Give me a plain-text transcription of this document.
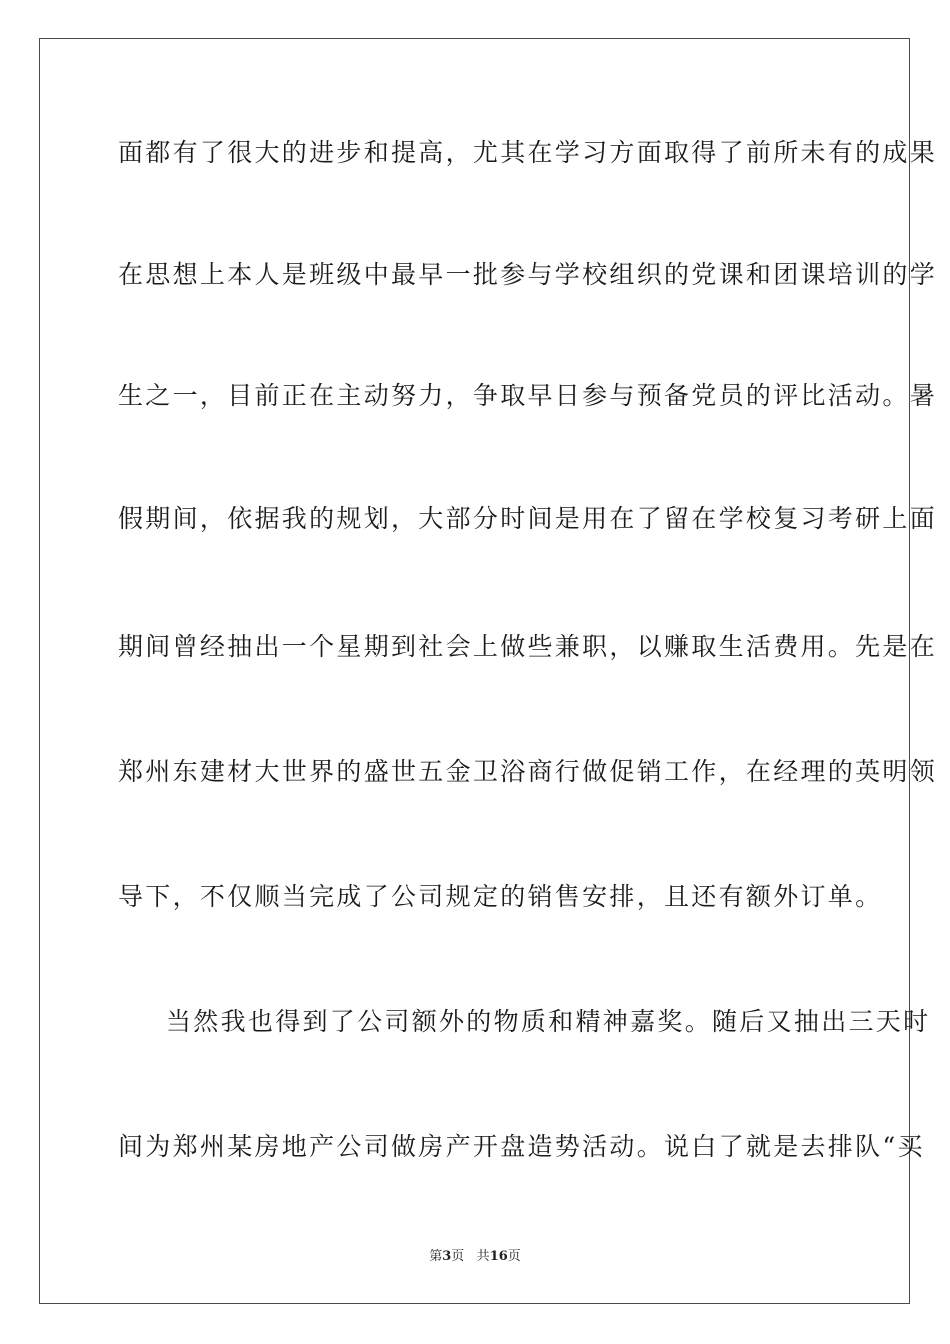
面都有了很大的进步和提高，尤其在学习方面取得了前所未有的成果
在思想上本人是班级中最早一批参与学校组织的党课和团课培训的学
生之一，目前正在主动努力，争取早日参与预备党员的评比活动。暑
假期间，依据我的规划，大部分时间是用在了留在学校复习考研上面
期间曾经抽出一个星期到社会上做些兼职，以赚取生活费用。先是在
郑州东建材大世界的盛世五金卫浴商行做促销工作，在经理的英明领
导下，不仅顺当完成了公司规定的销售安排，且还有额外订单。
当然我也得到了公司额外的物质和精神嘉奖。随后又抽出三天时
间为郑州某房地产公司做房产开盘造势活动。说白了就是去排队“买
第3页 共16页
